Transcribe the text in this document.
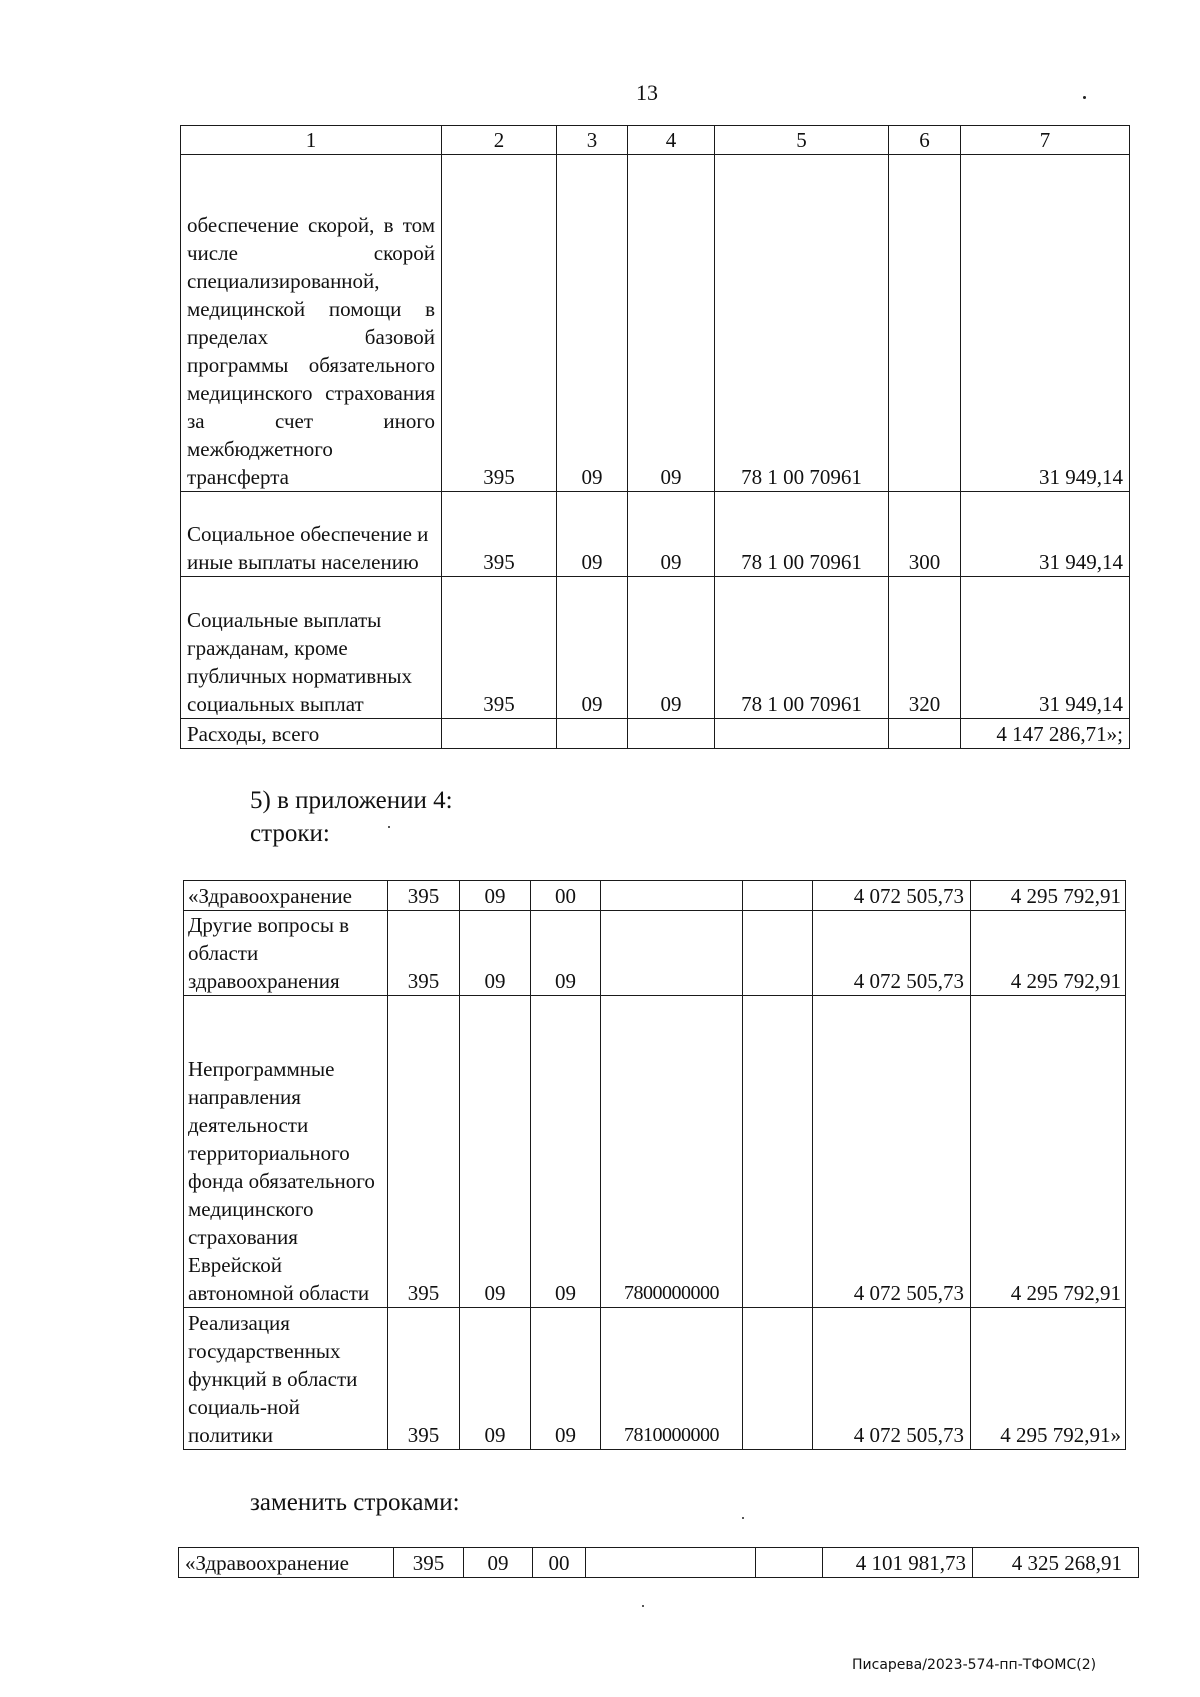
13
1	2	3	4	5	6	7
обеспечение скорой, в том числе скорой специализированной, медицинской помощи в пределах базовой программы обязательного медицинского страхования за счет иного межбюджетного трансферта	395	09	09	78 1 00 70961		31 949,14
Социальное обеспечение и иные выплаты населению	395	09	09	78 1 00 70961	300	31 949,14
Социальные выплаты гражданам, кроме публичных нормативных социальных выплат	395	09	09	78 1 00 70961	320	31 949,14
Расходы, всего						4 147 286,71»;
5) в приложении 4:
строки:
«Здравоохранение	395	09	00			4 072 505,73	4 295 792,91
Другие вопросы в области здравоохранения	395	09	09			4 072 505,73	4 295 792,91
Непрограммные направления деятельности территориального фонда обязательного медицинского страхования Еврейской автономной области	395	09	09	7800000000		4 072 505,73	4 295 792,91
Реализация государственных функций в области социаль-ной политики	395	09	09	7810000000		4 072 505,73	4 295 792,91»
заменить строками:
«Здравоохранение	395	09	00			4 101 981,73	4 325 268,91
Писарева/2023-574-пп-ТФОМС(2)
